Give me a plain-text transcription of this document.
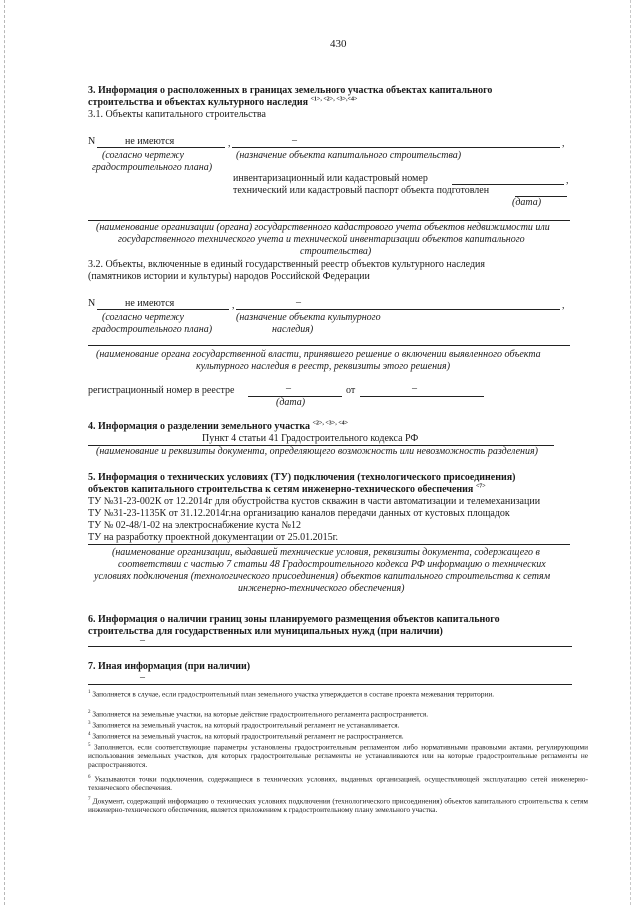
430
3. Информация о расположенных в границах земельного участка объектах капитального
строительства и объектах культурного наследия $^{<1>, <2>, <3>,<4>}$
3.1. Объекты капитального строительства
N	не имеются	,	–	,
(согласно чертежу
градостроительного плана)
(назначение объекта капитального строительства)
инвентаризационный или кадастровый номер	,
технический или кадастровый паспорт объекта подготовлен
(дата)
(наименование организации (органа) государственного кадастрового учета объектов недвижимости или
государственного технического учета и технической инвентаризации объектов капитального
строительства)
3.2. Объекты, включенные в единый государственный реестр объектов культурного наследия
(памятников истории и культуры) народов Российской Федерации
N	не имеются	,	–	,
(согласно чертежу
градостроительного плана)
(назначение объекта культурного
наследия)
(наименование органа государственной власти, принявшего решение о включении выявленного объекта
культурного наследия в реестр, реквизиты этого решения)
регистрационный номер в реестре	–	от	–
(дата)
4. Информация о разделении земельного участка $^{<2>, <3>, <4>}$
Пункт 4 статьи 41 Градостроительного кодекса РФ
(наименование и реквизиты документа, определяющего возможность или невозможность разделения)
5. Информация о технических условиях (ТУ) подключения (технологического присоединения)
объектов капитального строительства к сетям инженерно-технического обеспечения $^{<7>}$
ТУ №31-23-002К от 12.2014г для обустройства кустов скважин в части автоматизации и телемеханизации
ТУ №31-23-1135К от 31.12.2014г.на организацию каналов передачи данных от кустовых площадок
ТУ № 02-48/1-02 на электроснабжение куста №12
ТУ на разработку проектной документации от 25.01.2015г.
(наименование организации, выдавшей технические условия, реквизиты документа, содержащего в
соответствии с частью 7 статьи 48 Градостроительного кодекса РФ информацию о технических
условиях подключения (технологического присоединения) объектов капитального строительства к сетям
инженерно-технического обеспечения)
6. Информация о наличии границ зоны планируемого размещения объектов капитального
строительства для государственных или муниципальных нужд (при наличии)
–
7. Иная информация (при наличии)
–
$^1$ Заполняется в случае, если градостроительный план земельного участка утверждается в составе проекта межевания территории.
$^2$ Заполняется на земельные участки, на которые действие градостроительного регламента распространяется.
$^3$ Заполняется на земельный участок, на который градостроительный регламент не устанавливается.
$^4$ Заполняется на земельный участок, на который градостроительный регламент не распространяется.
$^5$ Заполняется, если соответствующие параметры установлены градостроительным регламентом либо нормативными правовыми актами, регулирующими использования земельных участков, для которых градостроительные регламенты не устанавливаются или на которые градостроительные регламенты не распространяются.
$^6$ Указываются точки подключения, содержащиеся в технических условиях, выданных организацией, осуществляющей эксплуатацию сетей инженерно-технического обеспечения.
$^7$ Документ, содержащий информацию о технических условиях подключения (технологического присоединения) объектов капитального строительства к сетям инженерно-технического обеспечения, является приложением к градостроительному плану земельного участка.
